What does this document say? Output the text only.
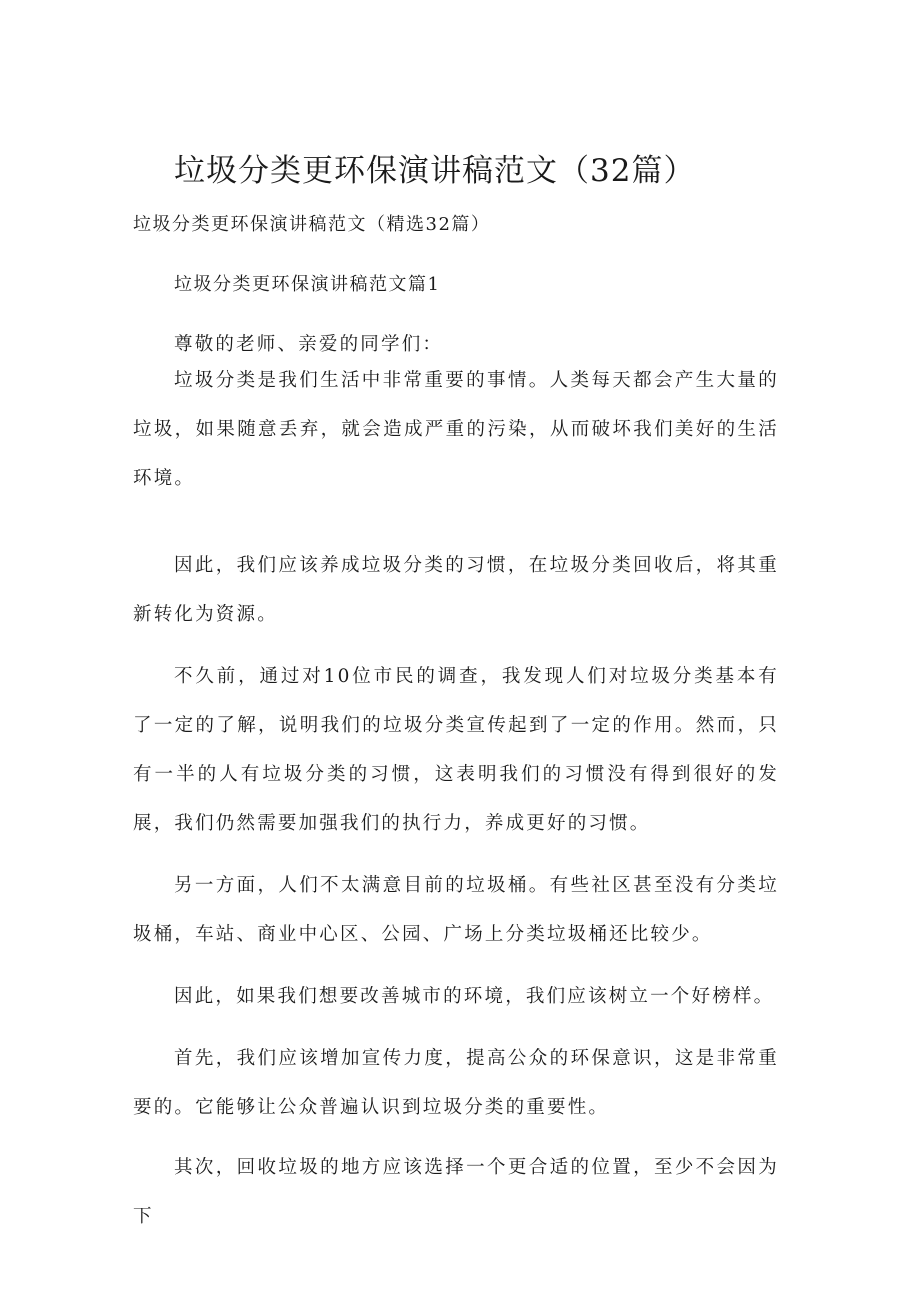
垃圾分类更环保演讲稿范文（32篇）

垃圾分类更环保演讲稿范文（精选32篇）

垃圾分类更环保演讲稿范文篇1

尊敬的老师、亲爱的同学们：

垃圾分类是我们生活中非常重要的事情。人类每天都会产生大量的垃圾，如果随意丢弃，就会造成严重的污染，从而破坏我们美好的生活环境。

因此，我们应该养成垃圾分类的习惯，在垃圾分类回收后，将其重新转化为资源。

不久前，通过对10位市民的调查，我发现人们对垃圾分类基本有了一定的了解，说明我们的垃圾分类宣传起到了一定的作用。然而，只有一半的人有垃圾分类的习惯，这表明我们的习惯没有得到很好的发展，我们仍然需要加强我们的执行力，养成更好的习惯。

另一方面，人们不太满意目前的垃圾桶。有些社区甚至没有分类垃圾桶，车站、商业中心区、公园、广场上分类垃圾桶还比较少。

因此，如果我们想要改善城市的环境，我们应该树立一个好榜样。

首先，我们应该增加宣传力度，提高公众的环保意识，这是非常重要的。它能够让公众普遍认识到垃圾分类的重要性。

其次，回收垃圾的地方应该选择一个更合适的位置，至少不会因为下
